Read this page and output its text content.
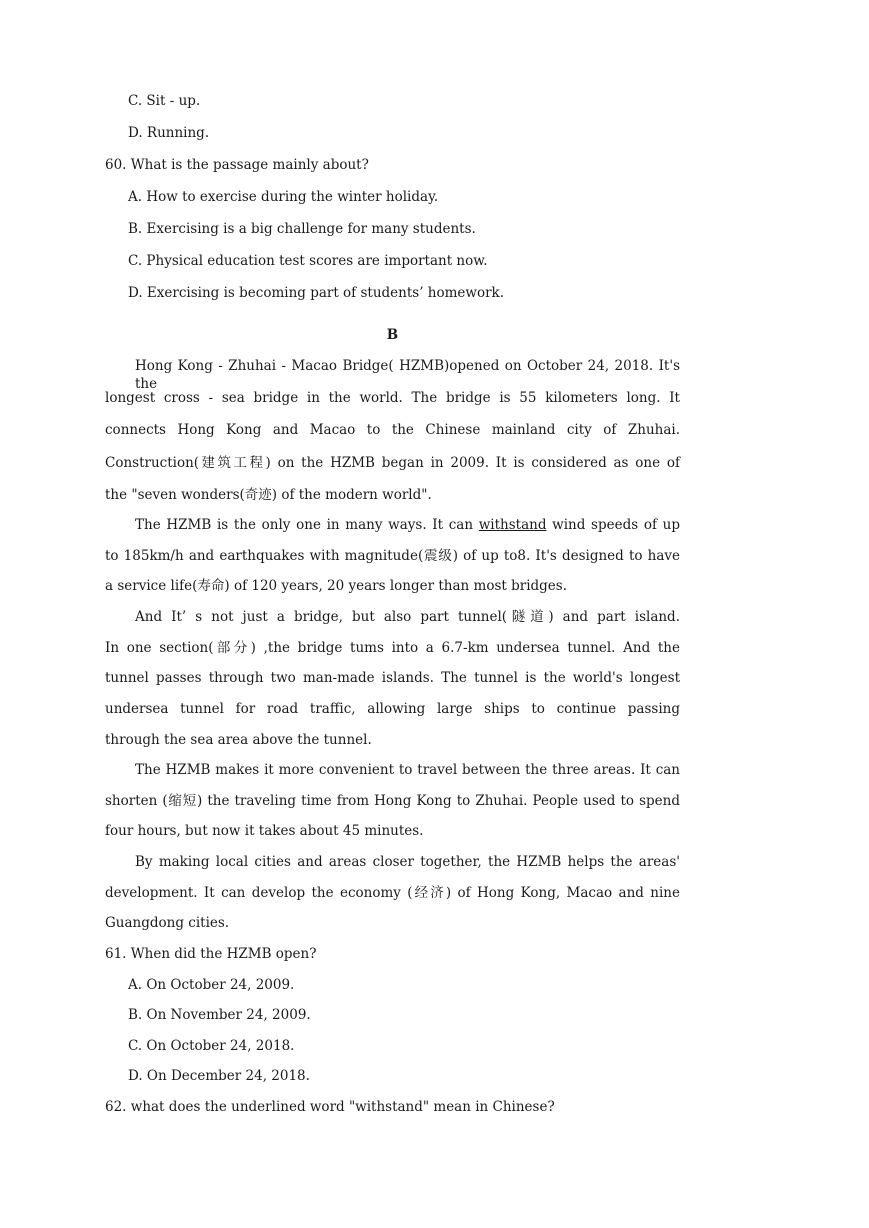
C. Sit - up.
D. Running.
60. What is the passage mainly about?
A. How to exercise during the winter holiday.
B. Exercising is a big challenge for many students.
C. Physical education test scores are important now.
D. Exercising is becoming part of students’ homework.
B
Hong Kong - Zhuhai - Macao Bridge( HZMB)opened on October 24, 2018. It's the
longest cross - sea bridge in the world. The bridge is 55 kilometers long. It
connects Hong Kong and Macao to the Chinese mainland city of Zhuhai.
Construction(建筑工程) on the HZMB began in 2009. It is considered as one of
the "seven wonders(奇迹) of the modern world".
The HZMB is the only one in many ways. It can withstand wind speeds of up
to 185km/h and earthquakes with magnitude(震级) of up to8. It's designed to have
a service life(寿命) of 120 years, 20 years longer than most bridges.
And It’ s not just a bridge, but also part tunnel(隧道) and part island.
In one section(部分) ,the bridge tums into a 6.7-km undersea tunnel. And the
tunnel passes through two man-made islands. The tunnel is the world's longest
undersea tunnel for road traffic, allowing large ships to continue passing
through the sea area above the tunnel.
The HZMB makes it more convenient to travel between the three areas. It can
shorten (缩短) the traveling time from Hong Kong to Zhuhai. People used to spend
four hours, but now it takes about 45 minutes.
By making local cities and areas closer together, the HZMB helps the areas'
development. It can develop the economy (经济) of Hong Kong, Macao and nine
Guangdong cities.
61. When did the HZMB open?
A. On October 24, 2009.
B. On November 24, 2009.
C. On October 24, 2018.
D. On December 24, 2018.
62. what does the underlined word "withstand" mean in Chinese?
